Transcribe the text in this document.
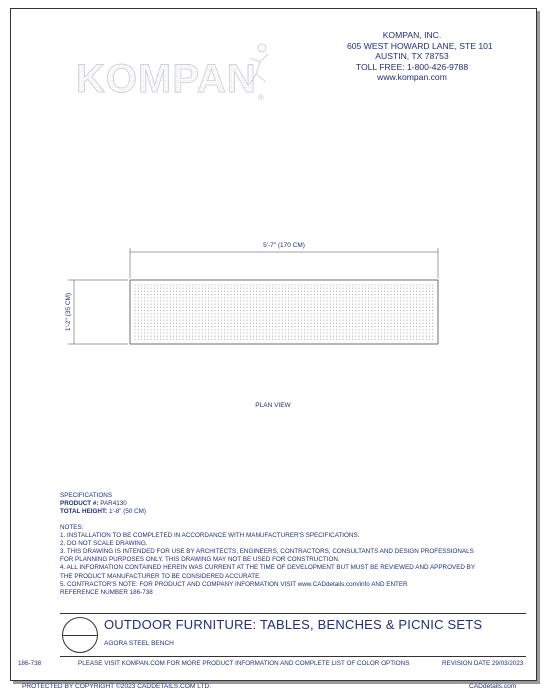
KOMPAN, INC.
605 WEST HOWARD LANE, STE 101
AUSTIN, TX 78753
TOLL FREE: 1-800-426-9788
www.kompan.com
KOMPAN ®
5'-7" (170 CM)
1'-2" (35 CM)
PLAN VIEW
SPECIFICATIONS
PRODUCT #: PAR4130
TOTAL HEIGHT: 1'-8" (50 CM)
NOTES:
1. INSTALLATION TO BE COMPLETED IN ACCORDANCE WITH MANUFACTURER'S SPECIFICATIONS.
2. DO NOT SCALE DRAWING.
3. THIS DRAWING IS INTENDED FOR USE BY ARCHITECTS, ENGINEERS, CONTRACTORS, CONSULTANTS AND DESIGN PROFESSIONALS
FOR PLANNING PURPOSES ONLY. THIS DRAWING MAY NOT BE USED FOR CONSTRUCTION.
4. ALL INFORMATION CONTAINED HEREIN WAS CURRENT AT THE TIME OF DEVELOPMENT BUT MUST BE REVIEWED AND APPROVED BY
THE PRODUCT MANUFACTURER TO BE CONSIDERED ACCURATE.
5. CONTRACTOR'S NOTE: FOR PRODUCT AND COMPANY INFORMATION VISIT www.CADdetails.com/info AND ENTER
REFERENCE NUMBER 186-738
OUTDOOR FURNITURE: TABLES, BENCHES & PICNIC SETS
AGORA STEEL BENCH
186-738	PLEASE VISIT KOMPAN.COM FOR MORE PRODUCT INFORMATION AND COMPLETE LIST OF COLOR OPTIONS	REVISION DATE 29/03/2023
PROTECTED BY COPYRIGHT ©2023 CADDETAILS.COM LTD.	CADdetails.com
